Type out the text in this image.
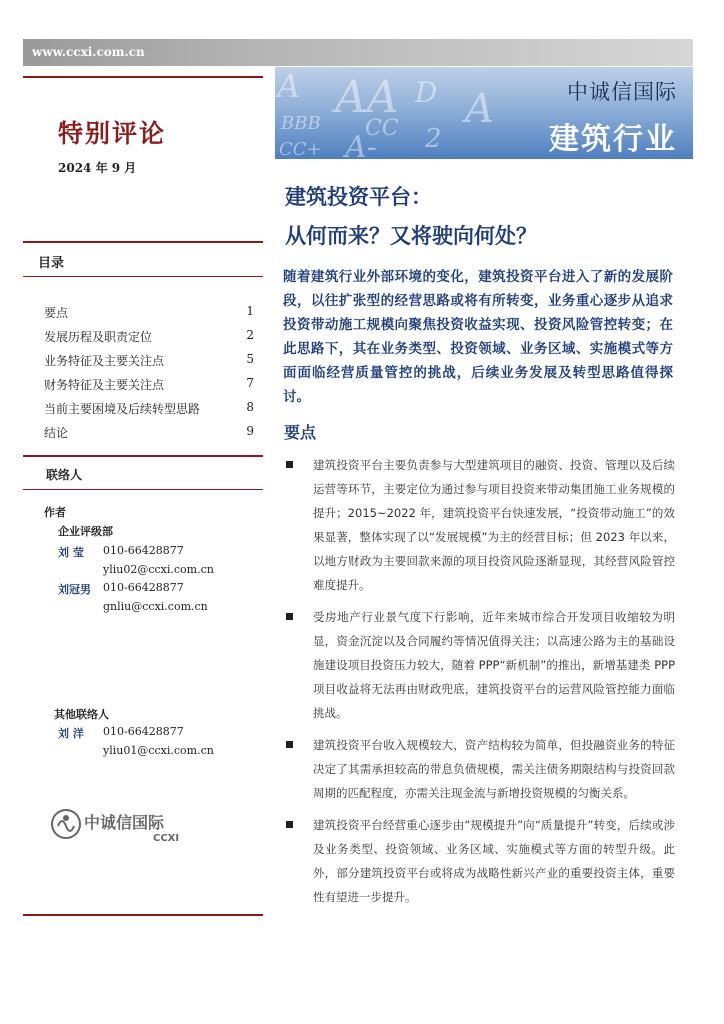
www.ccxi.com.cn
A AA
BBB CC
A- 2
D
CC+
A	中诚信国际
建筑行业
特别评论
2024 年 9 月
建筑投资平台：
从何而来？又将驶向何处？
目录
要点	1
发展历程及职责定位	2
业务特征及主要关注点	5
财务特征及主要关注点	7
当前主要困境及后续转型思路	8
结论	9
联络人
作者
企业评级部
刘 莹 010-66428877
yliu02@ccxi.com.cn
刘冠男 010-66428877
gnliu@ccxi.com.cn
其他联络人
刘 洋 010-66428877
yliu01@ccxi.com.cn
中诚信国际
CCXI
随着建筑行业外部环境的变化，建筑投资平台进入了新的发展阶段，以往扩张型的经营思路或将有所转变，业务重心逐步从追求投资带动施工规模向聚焦投资收益实现、投资风险管控转变；在此思路下，其在业务类型、投资领域、业务区域、实施模式等方面面临经营质量管控的挑战，后续业务发展及转型思路值得探讨。
要点
建筑投资平台主要负责参与大型建筑项目的融资、投资、管理以及后续运营等环节，主要定位为通过参与项目投资来带动集团施工业务规模的提升；2015~2022 年，建筑投资平台快速发展，“投资带动施工”的效果显著，整体实现了以“发展规模”为主的经营目标；但 2023 年以来，以地方财政为主要回款来源的项目投资风险逐渐显现，其经营风险管控难度提升。
受房地产行业景气度下行影响，近年来城市综合开发项目收缩较为明显，资金沉淀以及合同履约等情况值得关注；以高速公路为主的基础设施建设项目投资压力较大，随着 PPP“新机制”的推出，新增基建类 PPP 项目收益将无法再由财政兜底，建筑投资平台的运营风险管控能力面临挑战。
建筑投资平台收入规模较大，资产结构较为简单，但投融资业务的特征决定了其需承担较高的带息负债规模，需关注债务期限结构与投资回款周期的匹配程度，亦需关注现金流与新增投资规模的匀衡关系。
建筑投资平台经营重心逐步由“规模提升”向“质量提升”转变，后续或涉及业务类型、投资领域、业务区域、实施模式等方面的转型升级。此外，部分建筑投资平台或将成为战略性新兴产业的重要投资主体，重要性有望进一步提升。
